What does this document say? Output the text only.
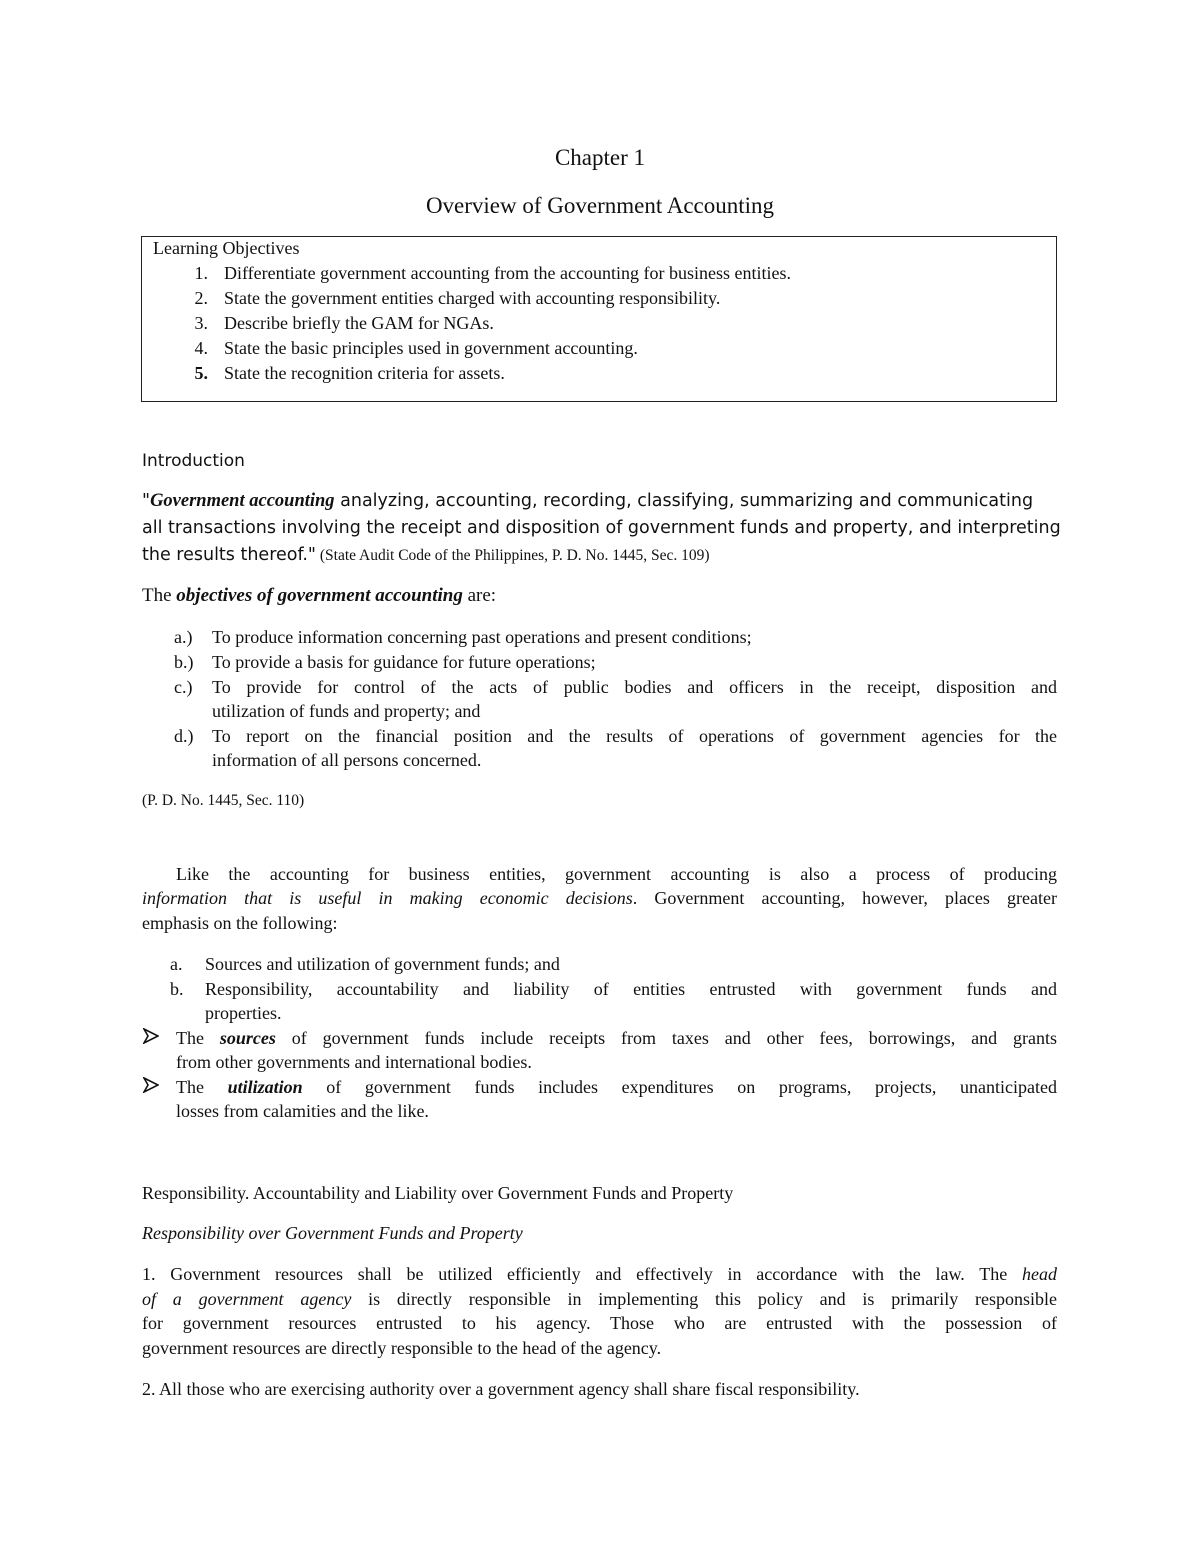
Chapter 1
Overview of Government Accounting
Learning Objectives
1. Differentiate government accounting from the accounting for business entities.
2. State the government entities charged with accounting responsibility.
3. Describe briefly the GAM for NGAs.
4. State the basic principles used in government accounting.
5. State the recognition criteria for assets.
Introduction
"Government accounting analyzing, accounting, recording, classifying, summarizing and communicating
all transactions involving the receipt and disposition of government funds and property, and interpreting
the results thereof." (State Audit Code of the Philippines, P. D. No. 1445, Sec. 109)
The objectives of government accounting are:
a.) To produce information concerning past operations and present conditions;
b.) To provide a basis for guidance for future operations;
c.) To provide for control of the acts of public bodies and officers in the receipt, disposition and
utilization of funds and property; and
d.) To report on the financial position and the results of operations of government agencies for the
information of all persons concerned.
(P. D. No. 1445, Sec. 110)
Like the accounting for business entities, government accounting is also a process of producing
information that is useful in making economic decisions. Government accounting, however, places greater
emphasis on the following:
a. Sources and utilization of government funds; and
b. Responsibility, accountability and liability of entities entrusted with government funds and
properties.
The sources of government funds include receipts from taxes and other fees, borrowings, and grants
from other governments and international bodies.
The utilization of government funds includes expenditures on programs, projects, unanticipated
losses from calamities and the like.
Responsibility. Accountability and Liability over Government Funds and Property
Responsibility over Government Funds and Property
1. Government resources shall be utilized efficiently and effectively in accordance with the law. The head
of a government agency is directly responsible in implementing this policy and is primarily responsible
for government resources entrusted to his agency. Those who are entrusted with the possession of
government resources are directly responsible to the head of the agency.
2. All those who are exercising authority over a government agency shall share fiscal responsibility.
